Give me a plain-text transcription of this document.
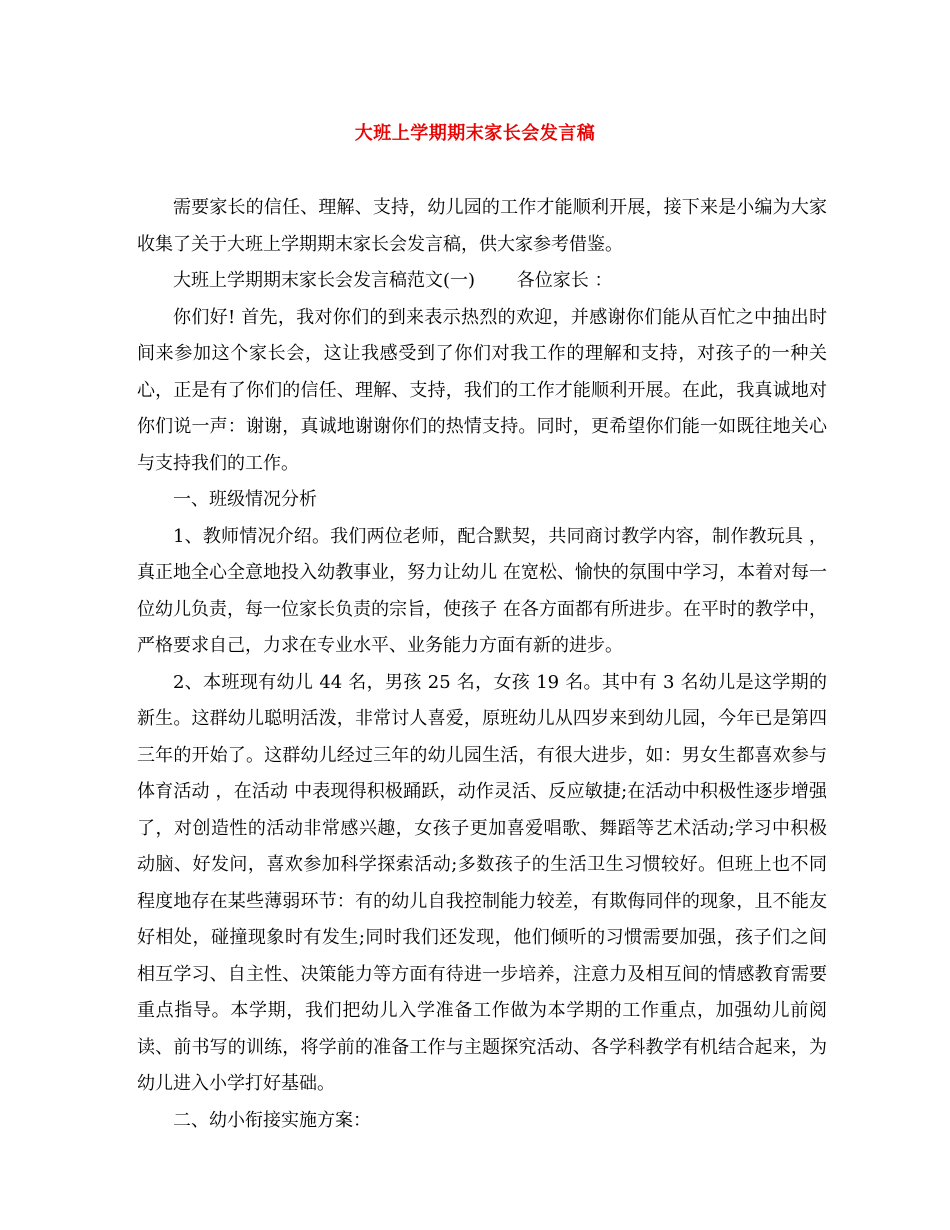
大班上学期期末家长会发言稿

需要家长的信任、理解、支持，幼儿园的工作才能顺利开展，接下来是小编为大家收集了关于大班上学期期末家长会发言稿，供大家参考借鉴。

大班上学期期末家长会发言稿范文(一)　　 各位家长 ：

你们好! 首先，我对你们的到来表示热烈的欢迎，并感谢你们能从百忙之中抽出时间来参加这个家长会，这让我感受到了你们对我工作的理解和支持，对孩子的一种关心，正是有了你们的信任、理解、支持，我们的工作才能顺利开展。在此，我真诚地对你们说一声：谢谢，真诚地谢谢你们的热情支持。同时，更希望你们能一如既往地关心与支持我们的工作。

一、班级情况分析

1、教师情况介绍。我们两位老师，配合默契，共同商讨教学内容，制作教玩具 ，真正地全心全意地投入幼教事业，努力让幼儿 在宽松、愉快的氛围中学习，本着对每一位幼儿负责，每一位家长负责的宗旨，使孩子 在各方面都有所进步。在平时的教学中，严格要求自己，力求在专业水平、业务能力方面有新的进步。

2、本班现有幼儿 44 名，男孩 25 名，女孩 19 名。其中有 3 名幼儿是这学期的新生。这群幼儿聪明活泼，非常讨人喜爱，原班幼儿从四岁来到幼儿园，今年已是第四三年的开始了。这群幼儿经过三年的幼儿园生活，有很大进步，如：男女生都喜欢参与体育活动 ，在活动 中表现得积极踊跃，动作灵活、反应敏捷;在活动中积极性逐步增强了，对创造性的活动非常感兴趣，女孩子更加喜爱唱歌、舞蹈等艺术活动;学习中积极动脑、好发问，喜欢参加科学探索活动;多数孩子的生活卫生习惯较好。但班上也不同程度地存在某些薄弱环节：有的幼儿自我控制能力较差，有欺侮同伴的现象，且不能友好相处，碰撞现象时有发生;同时我们还发现，他们倾听的习惯需要加强，孩子们之间相互学习、自主性、决策能力等方面有待进一步培养，注意力及相互间的情感教育需要重点指导。本学期，我们把幼儿入学准备工作做为本学期的工作重点，加强幼儿前阅读、前书写的训练，将学前的准备工作与主题探究活动、各学科教学有机结合起来，为幼儿进入小学打好基础。

二、幼小衔接实施方案：
